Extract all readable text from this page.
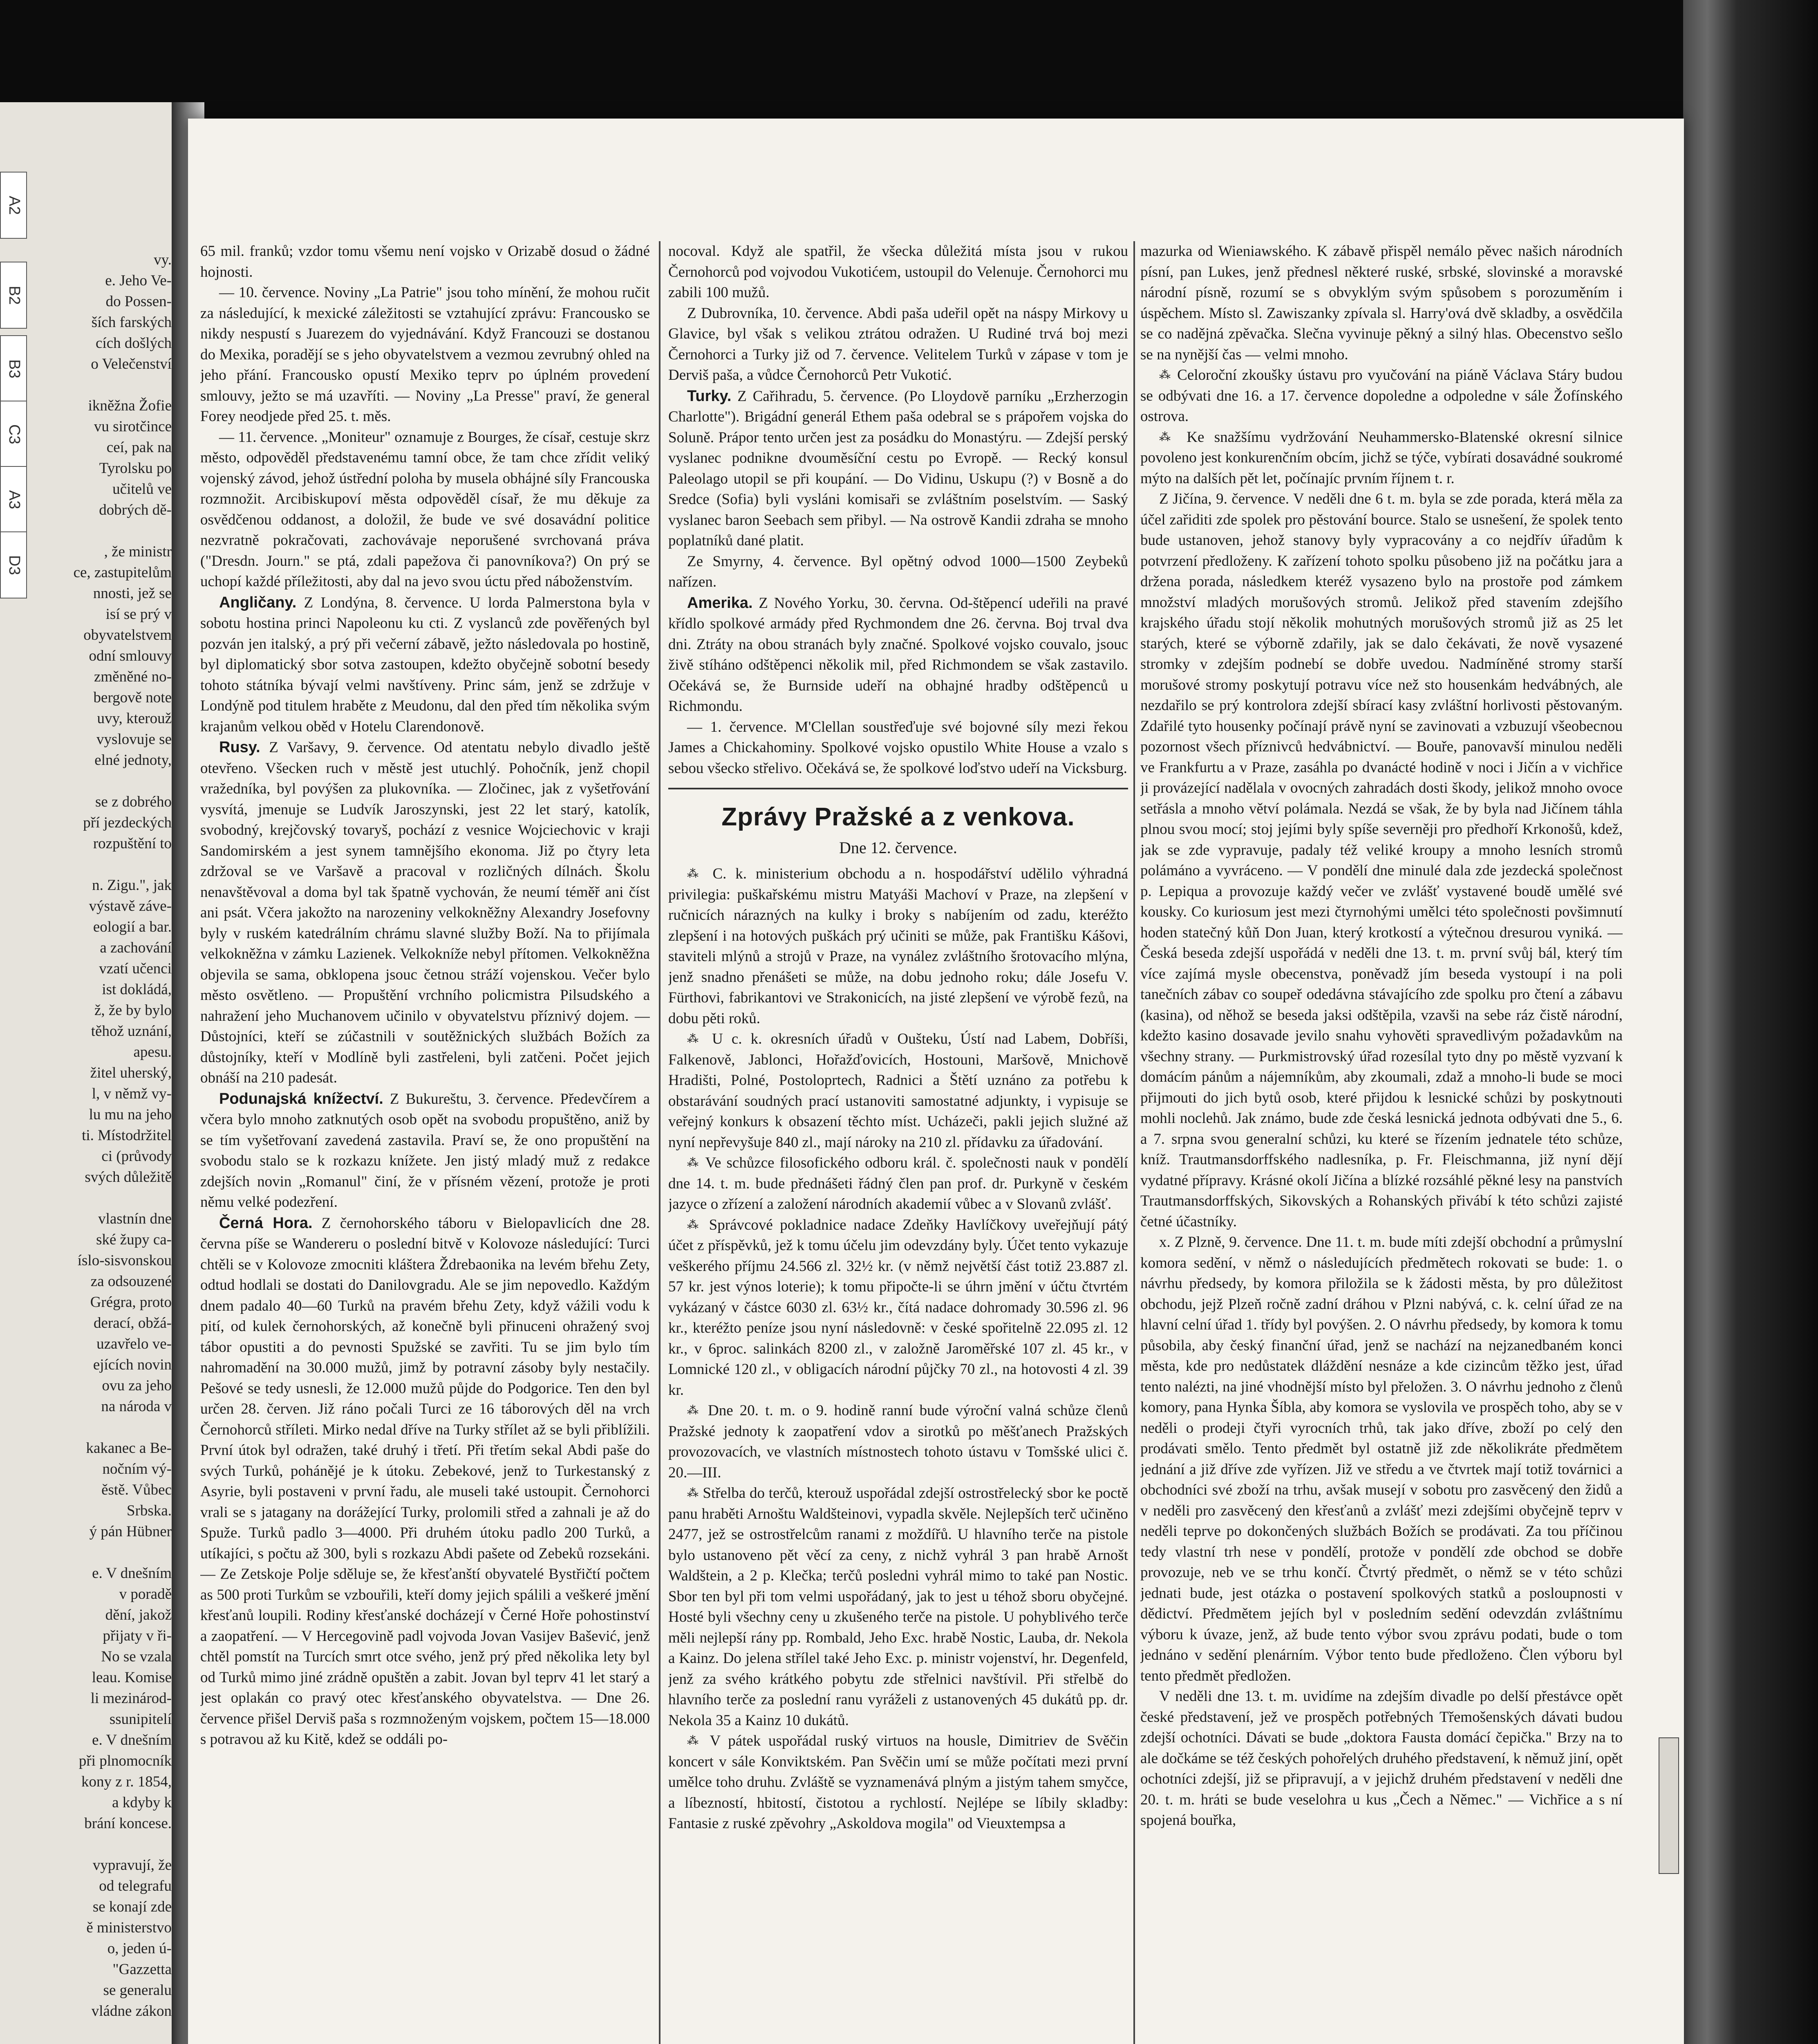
A2
B2
B3
C3
A3
D3
vy.
e. Jeho Ve-
do Possen-
ších farských
cích došlých
o Velečenství
ikněžna Žofie
vu sirotčince
ceí, pak na
Tyrolsku po
učitelů ve
dobrých dě-
, že ministr
ce, zastupitelům
nnosti, jež se
isí se prý v
obyvatelstvem
odní smlouvy
změněné no-
bergově note
uvy, kterouž
vyslovuje se
elné jednoty,
se z dobrého
pří jezdeckých
rozpuštění to
n. Zigu.", jak
výstavě záve-
eologií a bar.
a zachování
vzatí učenci
ist dokládá,
ž, že by bylo
těhož uznání,
apesu.
žitel uherský,
l, v němž vy-
lu mu na jeho
ti. Místodržitel
ci (průvody
svých důležitě
vlastnín dne
ské župy ca-
íslo-sisvonskou
za odsouzené
Grégra, proto
derací, obžá-
uzavřelo ve-
ejících novin
ovu za jeho
na národa v
kakanec a Be-
nočním vý-
ěstě. Vůbec
Srbska.
ý pán Hübner
e. V dnešním
v poradě
dění, jakož
přijaty v ři-
No se vzala
leau. Komise
li mezinárod-
ssunipitelí
e. V dnešním
při plnomocník
kony z r. 1854,
a kdyby k
brání koncese.
vypravují, že
od telegrafu
se konají zde
ě ministerstvo
o, jeden ú-
"Gazzetta
se generalu
vládne zákon

65 mil. franků; vzdor tomu všemu není vojsko v Orizabě dosud o žádné hojnosti.

— 10. července. Noviny „La Patrie" jsou toho mínění, že mohou ručit za následující, k mexické záležitosti se vztahující zprávu: Francousko se nikdy nespustí s Juarezem do vyjednávání. Když Francouzi se dostanou do Mexika, poradějí se s jeho obyvatelstvem a vezmou zevrubný ohled na jeho přání. Francousko opustí Mexiko teprv po úplném provedení smlouvy, ježto se má uzavříti. — Noviny „La Presse" praví, že general Forey neodjede před 25. t. měs.

— 11. července. „Moniteur" oznamuje z Bourges, že císař, cestuje skrz město, odpověděl představenému tamní obce, že tam chce zřídit veliký vojenský závod, jehož ústřední poloha by musela obhájné síly Francouska rozmnožit. Arcibiskupoví města odpověděl císař, že mu děkuje za osvědčenou oddanost, a doložil, že bude ve své dosavádní politice nezvratně pokračovati, zachovávaje neporušené svrchovaná práva ("Dresdn. Journ." se ptá, zdali papežova či panovníkova?) On prý se uchopí každé příležitosti, aby dal na jevo svou úctu před náboženstvím.

Angličany. Z Londýna, 8. července. U lorda Palmerstona byla v sobotu hostina princi Napoleonu ku cti. Z vyslanců zde pověřených byl pozván jen italský, a prý při večerní zábavě, ježto následovala po hostině, byl diplomatický sbor sotva zastoupen, kdežto obyčejně sobotní besedy tohoto státníka bývají velmi navštíveny. Princ sám, jenž se zdržuje v Londýně pod titulem hraběte z Meudonu, dal den před tím několika svým krajanům velkou oběd v Hotelu Clarendonově.

Rusy. Z Varšavy, 9. července. Od atentatu nebylo divadlo ještě otevřeno. Všecken ruch v městě jest utuchlý. Pohočník, jenž chopil vražedníka, byl povýšen za plukovníka. — Zločinec, jak z vyšetřování vysvítá, jmenuje se Ludvík Jaroszynski, jest 22 let starý, katolík, svobodný, krejčovský tovaryš, pochází z vesnice Wojciechovic v kraji Sandomirském a jest synem tamnějšího ekonoma. Již po čtyry leta zdržoval se ve Varšavě a pracoval v rozličných dílnách. Školu nenavštěvoval a doma byl tak špatně vychován, že neumí téměř ani číst ani psát. Včera jakožto na narozeniny velkokněžny Alexandry Josefovny byly v ruském katedrálním chrámu slavné služby Boží. Na to přijímala velkokněžna v zámku Lazienek. Velkokníže nebyl přítomen. Velkokněžna objevila se sama, obklopena jsouc četnou stráží vojenskou. Večer bylo město osvětleno. — Propuštění vrchního policmistra Pilsudského a nahražení jeho Muchanovem učinilo v obyvatelstvu příznivý dojem. — Důstojníci, kteří se zúčastnili v soutěžnických službách Božích za důstojníky, kteří v Modlíně byli zastřeleni, byli zatčeni. Počet jejich obnáší na 210 padesát.

Podunajská knížectví. Z Bukureštu, 3. července. Předevčírem a včera bylo mnoho zatknutých osob opět na svobodu propuštěno, aniž by se tím vyšetřovaní zavedená zastavila. Praví se, že ono propuštění na svobodu stalo se k rozkazu knížete. Jen jistý mladý muž z redakce zdejších novin „Romanul" činí, že v přísném vězení, protože je proti němu velké podezření.

Černá Hora. Z černohorského táboru v Bielopavlicích dne 28. června píše se Wandereru o poslední bitvě v Kolovoze následující: Turci chtěli se v Kolovoze zmocniti kláštera Ždrebaonika na levém břehu Zety, odtud hodlali se dostati do Danilovgradu. Ale se jim nepovedlo. Každým dnem padalo 40—60 Turků na pravém břehu Zety, když vážili vodu k pití, od kulek černohorských, až konečně byli přinuceni ohražený svoj tábor opustiti a do pevnosti Spužské se zavřiti. Tu se jim bylo tím nahromadění na 30.000 mužů, jimž by potravní zásoby byly nestačily. Pešové se tedy usnesli, že 12.000 mužů půjde do Podgorice. Ten den byl určen 28. červen. Již ráno počali Turci ze 16 táborových děl na vrch Černohorců stříleti. Mirko nedal dříve na Turky střílet až se byli přiblížili. První útok byl odražen, také druhý i třetí. Při třetím sekal Abdi paše do svých Turků, pohánějé je k útoku. Zebekové, jenž to Turkestanský z Asyrie, byli postaveni v první řadu, ale museli také ustoupit. Černohorci vrali se s jatagany na dorážející Turky, prolomili střed a zahnali je až do Spuže. Turků padlo 3—4000. Při druhém útoku padlo 200 Turků, a utíkajíci, s počtu až 300, byli s rozkazu Abdi pašete od Zebeků rozsekáni. — Ze Zetskoje Polje sděluje se, že křesťanští obyvatelé Bystřičtí počtem as 500 proti Turkům se vzbouřili, kteří domy jejich spálili a veškeré jmění křesťanů loupili. Rodiny křesťanské docházejí v Černé Hoře pohostinství a zaopatření. — V Hercegovině padl vojvoda Jovan Vasijev Bašević, jenž chtěl pomstít na Turcích smrt otce svého, jenž prý před několika lety byl od Turků mimo jiné zrádně opuštěn a zabit. Jovan byl teprv 41 let starý a jest oplakán co pravý otec křesťanského obyvatelstva. — Dne 26. července přišel Derviš paša s rozmnoženým vojskem, počtem 15—18.000 s potravou až ku Kitě, kdež se oddáli po-

nocoval. Když ale spatřil, že všecka důležitá místa jsou v rukou Černohorců pod vojvodou Vukotićem, ustoupil do Velenuje. Černohorci mu zabili 100 mužů.

Z Dubrovníka, 10. července. Abdi paša udeřil opět na náspy Mirkovy u Glavice, byl však s velikou ztrátou odražen. U Rudiné trvá boj mezi Černohorci a Turky již od 7. července. Velitelem Turků v zápase v tom je Derviš paša, a vůdce Černohorců Petr Vukotić.

Turky. Z Cařihradu, 5. července. (Po Lloydově parníku „Erzherzogin Charlotte"). Brigádní generál Ethem paša odebral se s prápořem vojska do Soluně. Prápor tento určen jest za posádku do Monastýru. — Zdejší perský vyslanec podnikne dvouměsíční cestu po Evropě. — Recký konsul Paleolago utopil se při koupání. — Do Vidinu, Uskupu (?) v Bosně a do Sredce (Sofia) byli vysláni komisaři se zvláštním poselstvím. — Saský vyslanec baron Seebach sem přibyl. — Na ostrově Kandii zdraha se mnoho poplatníků dané platit.

Ze Smyrny, 4. července. Byl opětný odvod 1000—1500 Zeybeků nařízen.

Amerika. Z Nového Yorku, 30. června. Od-štěpencí udeřili na pravé křídlo spolkové armády před Rychmondem dne 26. června. Boj trval dva dni. Ztráty na obou stranách byly značné. Spolkové vojsko couvalo, jsouc živě stíháno odštěpenci několik mil, před Richmondem se však zastavilo. Očekává se, že Burnside udeří na obhajné hradby odštěpenců u Richmondu.

— 1. července. M'Clellan soustřeďuje své bojovné síly mezi řekou James a Chickahominy. Spolkové vojsko opustilo White House a vzalo s sebou všecko střelivo. Očekává se, že spolkové loďstvo udeří na Vicksburg.

Zprávy Pražské a z venkova.
Dne 12. července.

⁂ C. k. ministerium obchodu a n. hospodářství udělilo výhradná privilegia: puškařskému mistru Matyáši Machoví v Praze, na zlepšení v ručnicích nárazných na kulky i broky s nabíjením od zadu, kteréžto zlepšení i na hotových puškách prý učiniti se může, pak Františku Kášovi, staviteli mlýnů a strojů v Praze, na vynález zvláštního šrotovacího mlýna, jenž snadno přenášeti se může, na dobu jednoho roku; dále Josefu V. Fürthovi, fabrikantovi ve Strakonicích, na jisté zlepšení ve výrobě fezů, na dobu pěti roků.

⁂ U c. k. okresních úřadů v Oušteku, Ústí nad Labem, Dobříši, Falkenově, Jablonci, Hořažďovicích, Hostouni, Maršově, Mnichově Hradišti, Polné, Postoloprtech, Radnici a Štětí uznáno za potřebu k obstarávání soudných prací ustanoviti samostatné adjunkty, i vypisuje se veřejný konkurs k obsazení těchto míst. Ucházeči, pakli jejich služné až nyní nepřevyšuje 840 zl., mají nároky na 210 zl. přídavku za úřadování.

⁂ Ve schůzce filosofického odboru král. č. společnosti nauk v pondělí dne 14. t. m. bude přednášeti řádný člen pan prof. dr. Purkyně v českém jazyce o zřízení a založení národních akademií vůbec a v Slovanů zvlášť.

⁂ Správcové pokladnice nadace Zdeňky Havlíčkovy uveřejňují pátý účet z příspěvků, jež k tomu účelu jim odevzdány byly. Účet tento vykazuje veškerého příjmu 24.566 zl. 32½ kr. (v němž největší část totiž 23.887 zl. 57 kr. jest výnos loterie); k tomu připočte-li se úhrn jmění v účtu čtvrtém vykázaný v částce 6030 zl. 63½ kr., čítá nadace dohromady 30.596 zl. 96 kr., kteréžto peníze jsou nyní následovně: v české spořitelně 22.095 zl. 12 kr., v 6proc. salinkách 8200 zl., v založně Jaroměřské 107 zl. 45 kr., v Lomnické 120 zl., v obligacích národní půjčky 70 zl., na hotovosti 4 zl. 39 kr.

⁂ Dne 20. t. m. o 9. hodině ranní bude výroční valná schůze členů Pražské jednoty k zaopatření vdov a sirotků po měšťanech Pražských provozovacích, ve vlastních místnostech tohoto ústavu v Tomšské ulici č. 20.—III.

⁂ Střelba do terčů, kterouž uspořádal zdejší ostrostřelecký sbor ke poctě panu hraběti Arnoštu Waldšteinovi, vypadla skvěle. Nejlepších terč učiněno 2477, jež se ostrostřelcům ranami z moždířů. U hlavního terče na pistole bylo ustanoveno pět věcí za ceny, z nichž vyhrál 3 pan hrabě Arnošt Waldštein, a 2 p. Klečka; terčů posledni vyhrál mimo to také pan Nostic. Sbor ten byl při tom velmi uspořádaný, jak to jest u téhož sboru obyčejné. Hosté byli všechny ceny u zkušeného terče na pistole. U pohyblivého terče měli nejlepší rány pp. Rombald, Jeho Exc. hrabě Nostic, Lauba, dr. Nekola a Kainz. Do jelena střílel také Jeho Exc. p. ministr vojenství, hr. Degenfeld, jenž za svého krátkého pobytu zde střelnici navštívil. Při střelbě do hlavního terče za poslední ranu vyráželi z ustanovených 45 dukátů pp. dr. Nekola 35 a Kainz 10 dukátů.

⁂ V pátek uspořádal ruský virtuos na housle, Dimitriev de Svěčin koncert v sále Konviktském. Pan Svěčin umí se může počítati mezi první umělce toho druhu. Zvláště se vyznamenává plným a jistým tahem smyčce, a líbezností, hbitostí, čistotou a rychlostí. Nejlépe se líbily skladby: Fantasie z ruské zpěvohry „Askoldova mogila" od Vieuxtempsa a

mazurka od Wieniawského. K zábavě přispěl nemálo pěvec našich národních písní, pan Lukes, jenž přednesl některé ruské, srbské, slovinské a moravské národní písně, rozumí se s obvyklým svým spůsobem s porozuměním i úspěchem. Místo sl. Zawiszanky zpívala sl. Harry'ová dvě skladby, a osvědčila se co nadějná zpěvačka. Slečna vyvinuje pěkný a silný hlas. Obecenstvo sešlo se na nynější čas — velmi mnoho.

⁂ Celoroční zkoušky ústavu pro vyučování na piáně Václava Stáry budou se odbývati dne 16. a 17. července dopoledne a odpoledne v sále Žofínského ostrova.

⁂ Ke snažšímu vydržování Neuhammersko-Blatenské okresní silnice povoleno jest konkurenčním obcím, jichž se týče, vybírati dosavádné soukromé mýto na dalších pět let, počínajíc prvním říjnem t. r.

Z Jičína, 9. července. V neděli dne 6 t. m. byla se zde porada, která měla za účel zařiditi zde spolek pro pěstování bource. Stalo se usnešení, že spolek tento bude ustanoven, jehož stanovy byly vypracovány a co nejdřív úřadům k potvrzení předloženy. K zařízení tohoto spolku působeno již na počátku jara a držena porada, následkem kteréž vysazeno bylo na prostoře pod zámkem množství mladých morušových stromů. Jelikož před stavením zdejšího krajského úřadu stojí několik mohutných morušových stromů již as 25 let starých, které se výborně zdařily, jak se dalo čekávati, že nově vysazené stromky v zdejším podnebí se dobře uvedou. Nadmíněné stromy starší morušové stromy poskytují potravu více než sto housenkám hedvábných, ale nezdařilo se prý kontrolora zdejší sbírací kasy zvláštní horlivosti pěstovaným. Zdařilé tyto housenky počínají právě nyní se zavinovati a vzbuzují všeobecnou pozornost všech příznivců hedvábnictví. — Bouře, panovavší minulou neděli ve Frankfurtu a v Praze, zasáhla po dvanácté hodině v noci i Jičín a v vichřice ji provázející nadělala v ovocných zahradách dosti škody, jelikož mnoho ovoce setřásla a mnoho větví polámala. Nezdá se však, že by byla nad Jičínem táhla plnou svou mocí; stoj jejími byly spíše severněji pro předhoří Krkonošů, kdež, jak se zde vypravuje, padaly též veliké kroupy a mnoho lesních stromů polámáno a vyvráceno. — V pondělí dne minulé dala zde jezdecká společnost p. Lepiqua a provozuje každý večer ve zvlášť vystavené boudě umělé své kousky. Co kuriosum jest mezi čtyrnohými umělci této společnosti povšimnutí hoden statečný kůň Don Juan, který krotkostí a výtečnou dresurou vyniká. — Česká beseda zdejší uspořádá v neděli dne 13. t. m. první svůj bál, který tím více zajímá mysle obecenstva, poněvadž jím beseda vystoupí i na poli tanečních zábav co soupeř odedávna stávajícího zde spolku pro čtení a zábavu (kasina), od něhož se beseda jaksi odštěpila, vzavši na sebe ráz čistě národní, kdežto kasino dosavade jevilo snahu vyhověti spravedlivým požadavkům na všechny strany. — Purkmistrovský úřad rozesílal tyto dny po městě vyzvaní k domácím pánům a nájemníkům, aby zkoumali, zdaž a mnoho-li bude se moci přijmouti do jich bytů osob, které přijdou k lesnické schůzi by poskytnouti mohli noclehů. Jak známo, bude zde česká lesnická jednota odbývati dne 5., 6. a 7. srpna svou generalní schůzi, ku které se řízením jednatele této schůze, kníž. Trautmansdorffského nadlesníka, p. Fr. Fleischmanna, již nyní dějí vydatné přípravy. Krásné okolí Jičína a blízké rozsáhlé pěkné lesy na panstvích Trautmansdorffských, Sikovských a Rohanských přivábí k této schůzi zajisté četné účastníky.

x. Z Plzně, 9. července. Dne 11. t. m. bude míti zdejší obchodní a průmyslní komora sedění, v němž o následujících předmětech rokovati se bude: 1. o návrhu předsedy, by komora přiložila se k žádosti města, by pro důležitost obchodu, jejž Plzeň ročně zadní dráhou v Plzni nabývá, c. k. celní úřad ze na hlavní celní úřad 1. třídy byl povýšen. 2. O návrhu předsedy, by komora k tomu působila, aby český finanční úřad, jenž se nachází na nejzanedbaném konci města, kde pro nedůstatek dláždění nesnáze a kde cizincům těžko jest, úřad tento nalézti, na jiné vhodnější místo byl přeložen. 3. O návrhu jednoho z členů komory, pana Hynka Šíbla, aby komora se vyslovila ve prospěch toho, aby se v neděli o prodeji čtyři vyrocních trhů, tak jako dříve, zboží po celý den prodávati smělo. Tento předmět byl ostatně již zde několikráte předmětem jednání a již dříve zde vyřízen. Již ve středu a ve čtvrtek mají totiž továrnici a obchodníci své zboží na trhu, avšak musejí v sobotu pro zasvěcený den židů a v neděli pro zasvěcený den křesťanů a zvlášť mezi zdejšími obyčejně teprv v neděli teprve po dokončených službách Božích se prodávati. Za tou příčinou tedy vlastní trh nese v pondělí, protože v pondělí zde obchod se dobře provozuje, neb ve se trhu končí. Čtvrtý předmět, o němž se v této schůzi jednati bude, jest otázka o postavení spolkových statků a posloupnosti v dědictví. Předmětem jejích byl v posledním sedění odevzdán zvláštnímu výboru k úvaze, jenž, až bude tento výbor svou zprávu podati, bude o tom jednáno v sedění plenárním. Výbor tento bude předloženo. Člen výboru byl tento předmět předložen.

V neděli dne 13. t. m. uvidíme na zdejším divadle po delší přestávce opět české představení, jež ve prospěch potřebných Třemošenských dávati budou zdejší ochotníci. Dávati se bude „doktora Fausta domácí čepička." Brzy na to ale dočkáme se též českých pohořelých druhého představení, k němuž jiní, opět ochotníci zdejší, již se připravují, a v jejichž druhém představení v neděli dne 20. t. m. hráti se bude veselohra u kus „Čech a Němec." — Vichřice a s ní spojená bouřka,
